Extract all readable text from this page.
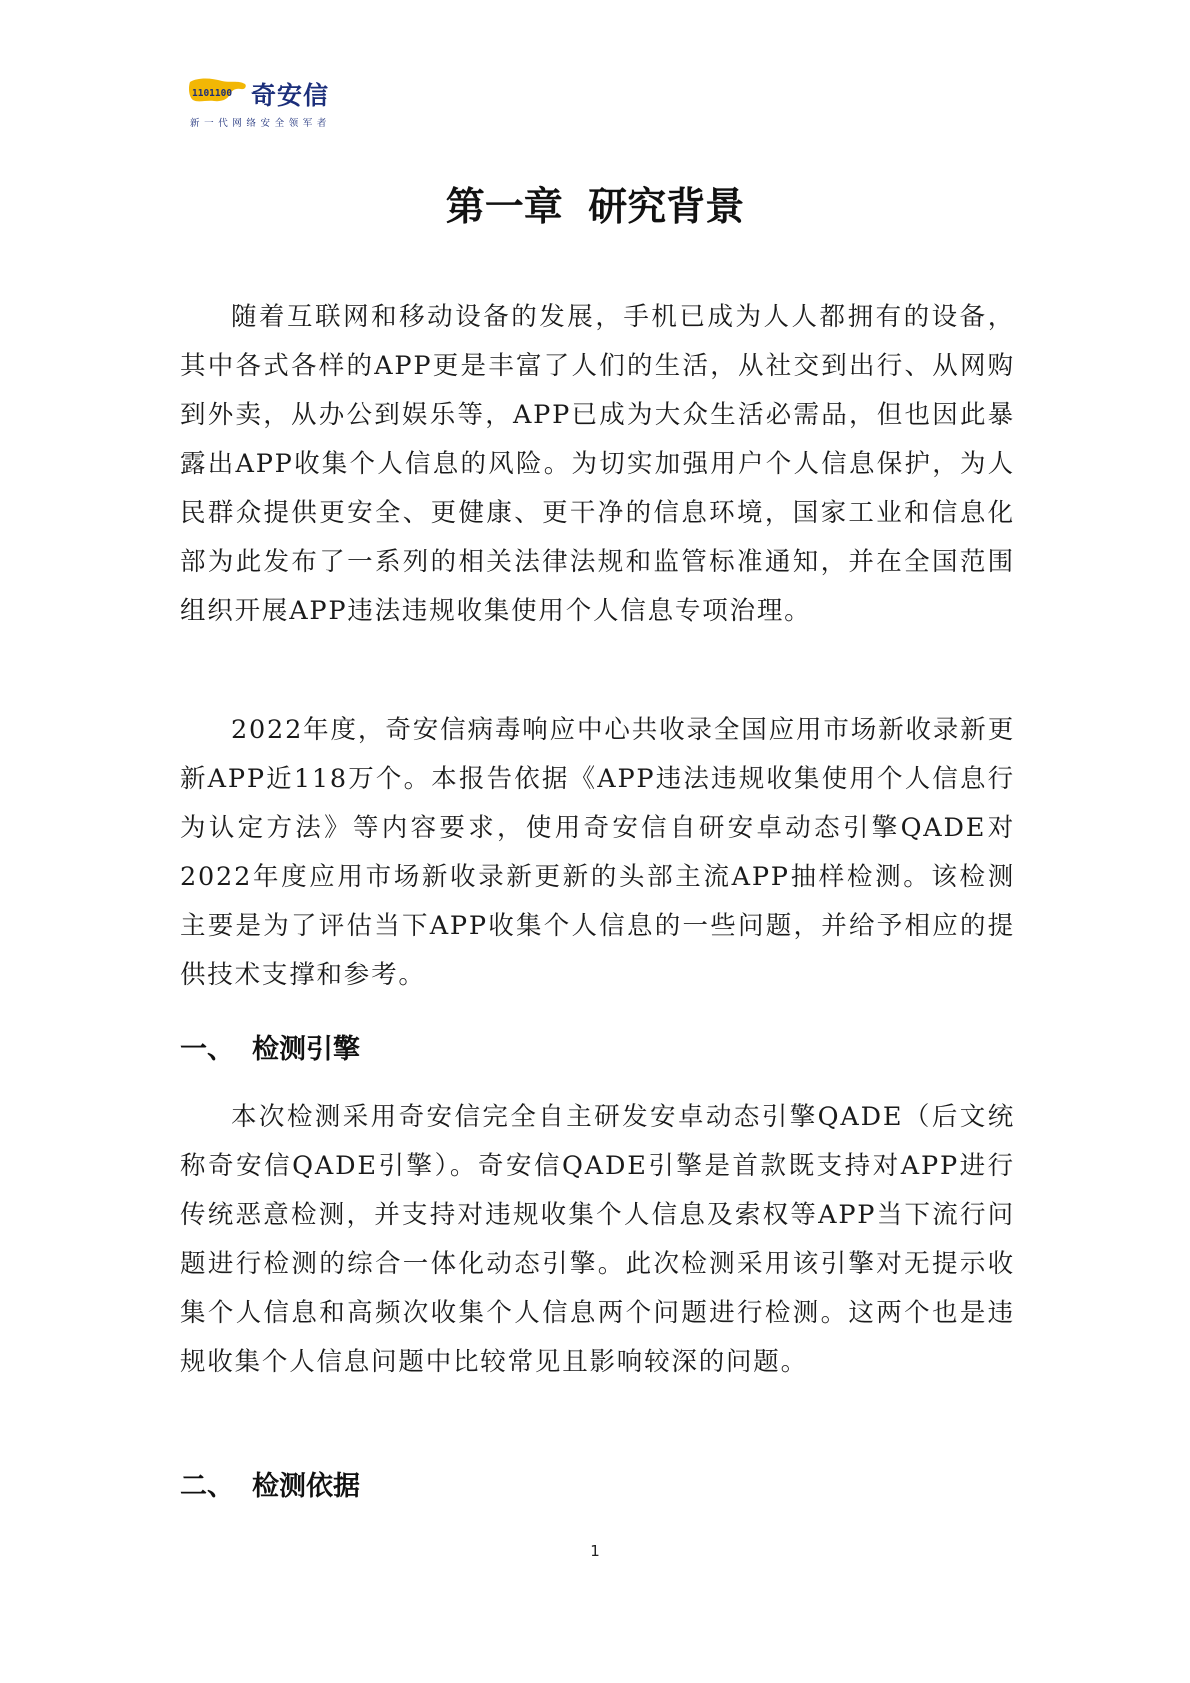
1101100 奇安信
新一代网络安全领军者
第一章 研究背景

随着互联网和移动设备的发展，手机已成为人人都拥有的设备，其中各式各样的APP更是丰富了人们的生活，从社交到出行、从网购到外卖，从办公到娱乐等，APP已成为大众生活必需品，但也因此暴露出APP收集个人信息的风险。为切实加强用户个人信息保护，为人民群众提供更安全、更健康、更干净的信息环境，国家工业和信息化部为此发布了一系列的相关法律法规和监管标准通知，并在全国范围组织开展APP违法违规收集使用个人信息专项治理。

2022年度，奇安信病毒响应中心共收录全国应用市场新收录新更新APP近118万个。本报告依据《APP违法违规收集使用个人信息行为认定方法》等内容要求，使用奇安信自研安卓动态引擎QADE对2022年度应用市场新收录新更新的头部主流APP抽样检测。该检测主要是为了评估当下APP收集个人信息的一些问题，并给予相应的提供技术支撑和参考。

一、 检测引擎

本次检测采用奇安信完全自主研发安卓动态引擎QADE（后文统称奇安信QADE引擎）。奇安信QADE引擎是首款既支持对APP进行传统恶意检测，并支持对违规收集个人信息及索权等APP当下流行问题进行检测的综合一体化动态引擎。此次检测采用该引擎对无提示收集个人信息和高频次收集个人信息两个问题进行检测。这两个也是违规收集个人信息问题中比较常见且影响较深的问题。

二、 检测依据
1
